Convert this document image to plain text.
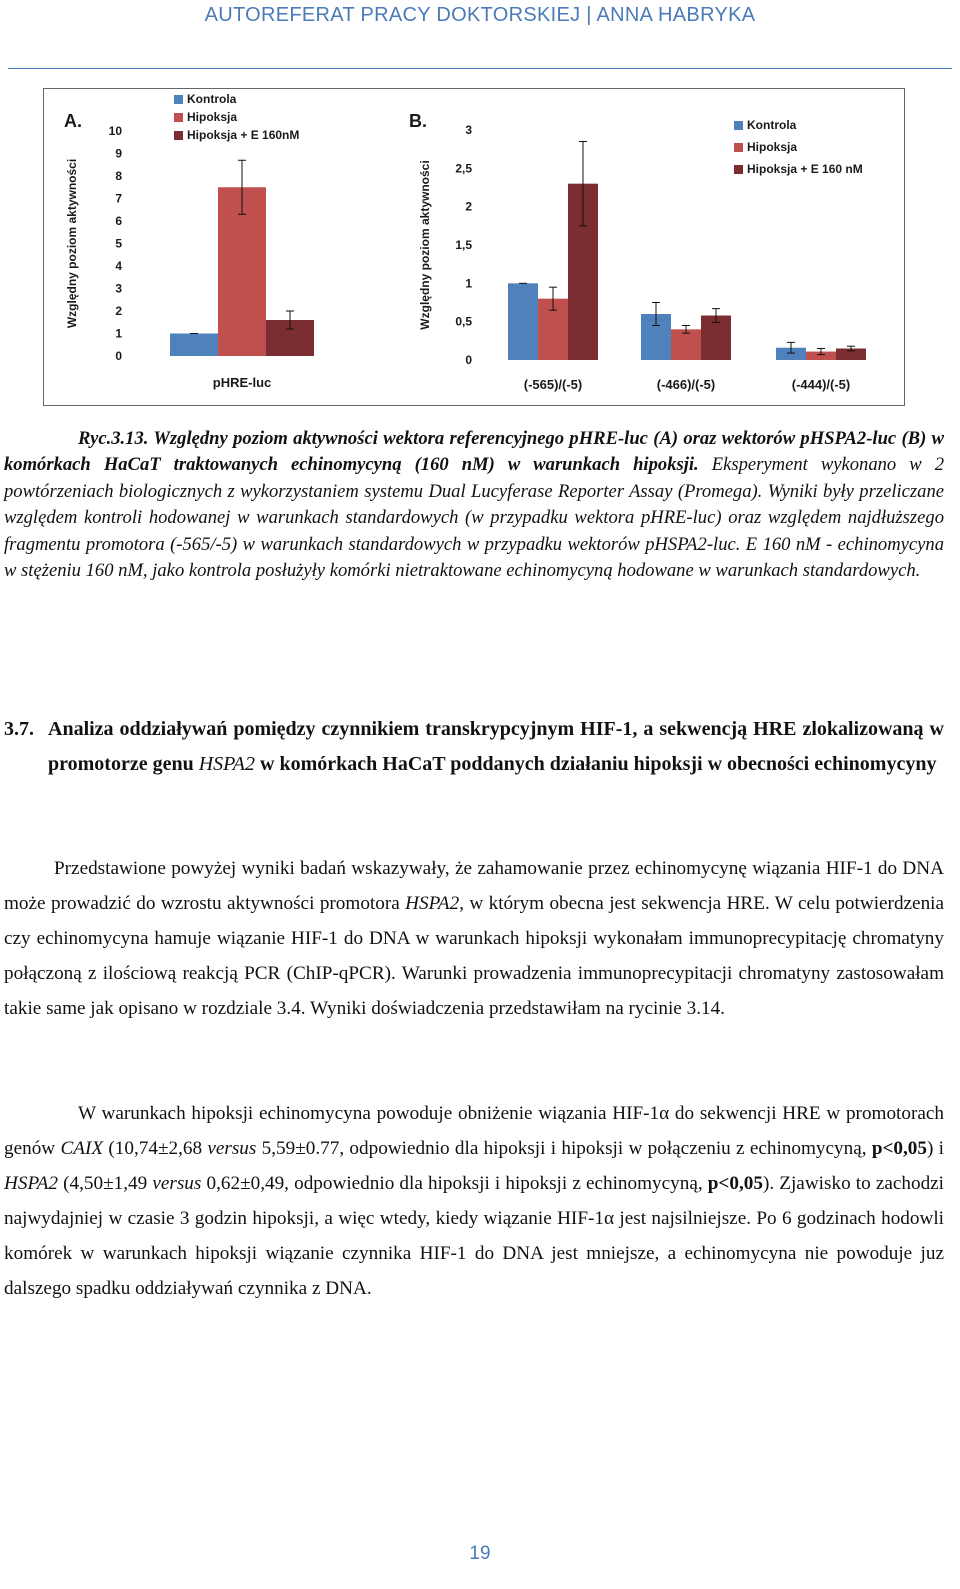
AUTOREFERAT PRACY DOKTORSKIEJ | ANNA HABRYKA
A.
Względny poziom aktywności
0
1
2
3
4
5
6
7
8
9
10
pHRE-luc
Kontrola
Hipoksja
Hipoksja + E 160nM
B.
Względny poziom aktywności
0
0,5
1
1,5
2
2,5
3
(-565)/(-5)	(-466)/(-5)	(-444)/(-5)
Kontrola
Hipoksja
Hipoksja + E 160 nM
Ryc.3.13. Względny poziom aktywności wektora referencyjnego pHRE-luc (A) oraz wektorów pHSPA2-luc (B) w komórkach HaCaT traktowanych echinomycyną (160 nM) w warunkach hipoksji. Eksperyment wykonano w 2 powtórzeniach biologicznych z wykorzystaniem systemu Dual Lucyferase Reporter Assay (Promega). Wyniki były przeliczane względem kontroli hodowanej w warunkach standardowych (w przypadku wektora pHRE-luc) oraz względem najdłuższego fragmentu promotora (-565/-5) w warunkach standardowych w przypadku wektorów pHSPA2-luc. E 160 nM - echinomycyna w stężeniu 160 nM, jako kontrola posłużyły komórki nietraktowane echinomycyną hodowane w warunkach standardowych.
3.7. Analiza oddziaływań pomiędzy czynnikiem transkrypcyjnym HIF-1, a sekwencją HRE zlokalizowaną w promotorze genu HSPA2 w komórkach HaCaT poddanych działaniu hipoksji w obecności echinomycyny
Przedstawione powyżej wyniki badań wskazywały, że zahamowanie przez echinomycynę wiązania HIF-1 do DNA może prowadzić do wzrostu aktywności promotora HSPA2, w którym obecna jest sekwencja HRE. W celu potwierdzenia czy echinomycyna hamuje wiązanie HIF-1 do DNA w warunkach hipoksji wykonałam immunoprecypitację chromatyny połączoną z ilościową reakcją PCR (ChIP-qPCR). Warunki prowadzenia immunoprecypitacji chromatyny zastosowałam takie same jak opisano w rozdziale 3.4. Wyniki doświadczenia przedstawiłam na rycinie 3.14.
W warunkach hipoksji echinomycyna powoduje obniżenie wiązania HIF-1α do sekwencji HRE w promotorach genów CAIX (10,74±2,68 versus 5,59±0.77, odpowiednio dla hipoksji i hipoksji w połączeniu z echinomycyną, p<0,05) i HSPA2 (4,50±1,49 versus 0,62±0,49, odpowiednio dla hipoksji i hipoksji z echinomycyną, p<0,05). Zjawisko to zachodzi najwydajniej w czasie 3 godzin hipoksji, a więc wtedy, kiedy wiązanie HIF-1α jest najsilniejsze. Po 6 godzinach hodowli komórek w warunkach hipoksji wiązanie czynnika HIF-1 do DNA jest mniejsze, a echinomycyna nie powoduje juz dalszego spadku oddziaływań czynnika z DNA.
19
